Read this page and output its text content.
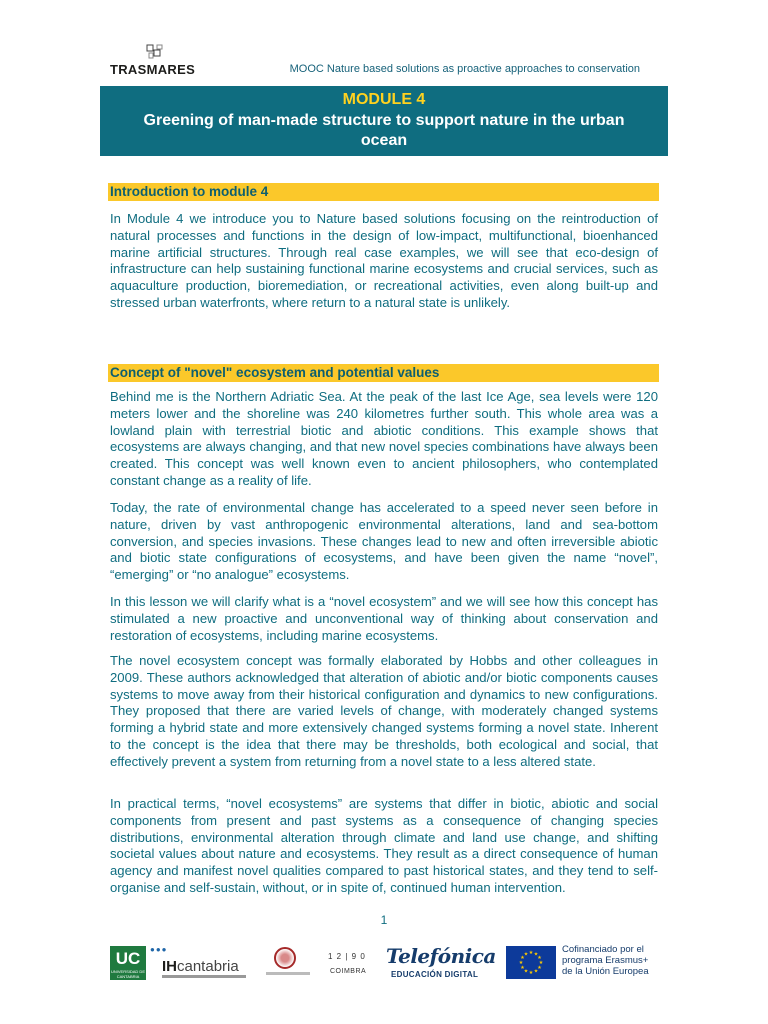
TRASMARES	MOOC Nature based solutions as proactive approaches to conservation
MODULE 4
Greening of man-made structure to support nature in the urban ocean
Introduction to module 4

In Module 4 we introduce you to Nature based solutions focusing on the reintroduction of natural processes and functions in the design of low-impact, multifunctional, bioenhanced marine artificial structures. Through real case examples, we will see that eco-design of infrastructure can help sustaining functional marine ecosystems and crucial services, such as aquaculture production, bioremediation, or recreational activities, even along built-up and stressed urban waterfronts, where return to a natural state is unlikely.

Concept of "novel" ecosystem and potential values

Behind me is the Northern Adriatic Sea. At the peak of the last Ice Age, sea levels were 120 meters lower and the shoreline was 240 kilometres further south. This whole area was a lowland plain with terrestrial biotic and abiotic conditions. This example shows that ecosystems are always changing, and that new novel species combinations have always been created. This concept was well known even to ancient philosophers, who contemplated constant change as a reality of life.

Today, the rate of environmental change has accelerated to a speed never seen before in nature, driven by vast anthropogenic environmental alterations, land and sea-bottom conversion, and species invasions. These changes lead to new and often irreversible abiotic and biotic state configurations of ecosystems, and have been given the name “novel”, “emerging” or “no analogue” ecosystems.

In this lesson we will clarify what is a “novel ecosystem” and we will see how this concept has stimulated a new proactive and unconventional way of thinking about conservation and restoration of ecosystems, including marine ecosystems.

The novel ecosystem concept was formally elaborated by Hobbs and other colleagues in 2009. These authors acknowledged that alteration of abiotic and/or biotic components causes systems to move away from their historical configuration and dynamics to new configurations. They proposed that there are varied levels of change, with moderately changed systems forming a hybrid state and more extensively changed systems forming a novel state. Inherent to the concept is the idea that there may be thresholds, both ecological and social, that effectively prevent a system from returning from a novel state to a less altered state.

In practical terms, “novel ecosystems” are systems that differ in biotic, abiotic and social components from present and past systems as a consequence of changing species distributions, environmental alteration through climate and land use change, and shifting societal values about nature and ecosystems. They result as a direct consequence of human agency and manifest novel qualities compared to past historical states, and they tend to self-organise and self-sustain, without, or in spite of, continued human intervention.

1
UC
UNIVERSIDAD DE CANTABRIA
●●●
IHcantabria
1 2 | 9 0
COIMBRA
Telefónica
EDUCACIÓN DIGITAL
★ ★
★
★
★
★
★
★
★
★
★
★	Cofinanciado por el
programa Erasmus+
de la Unión Europea
